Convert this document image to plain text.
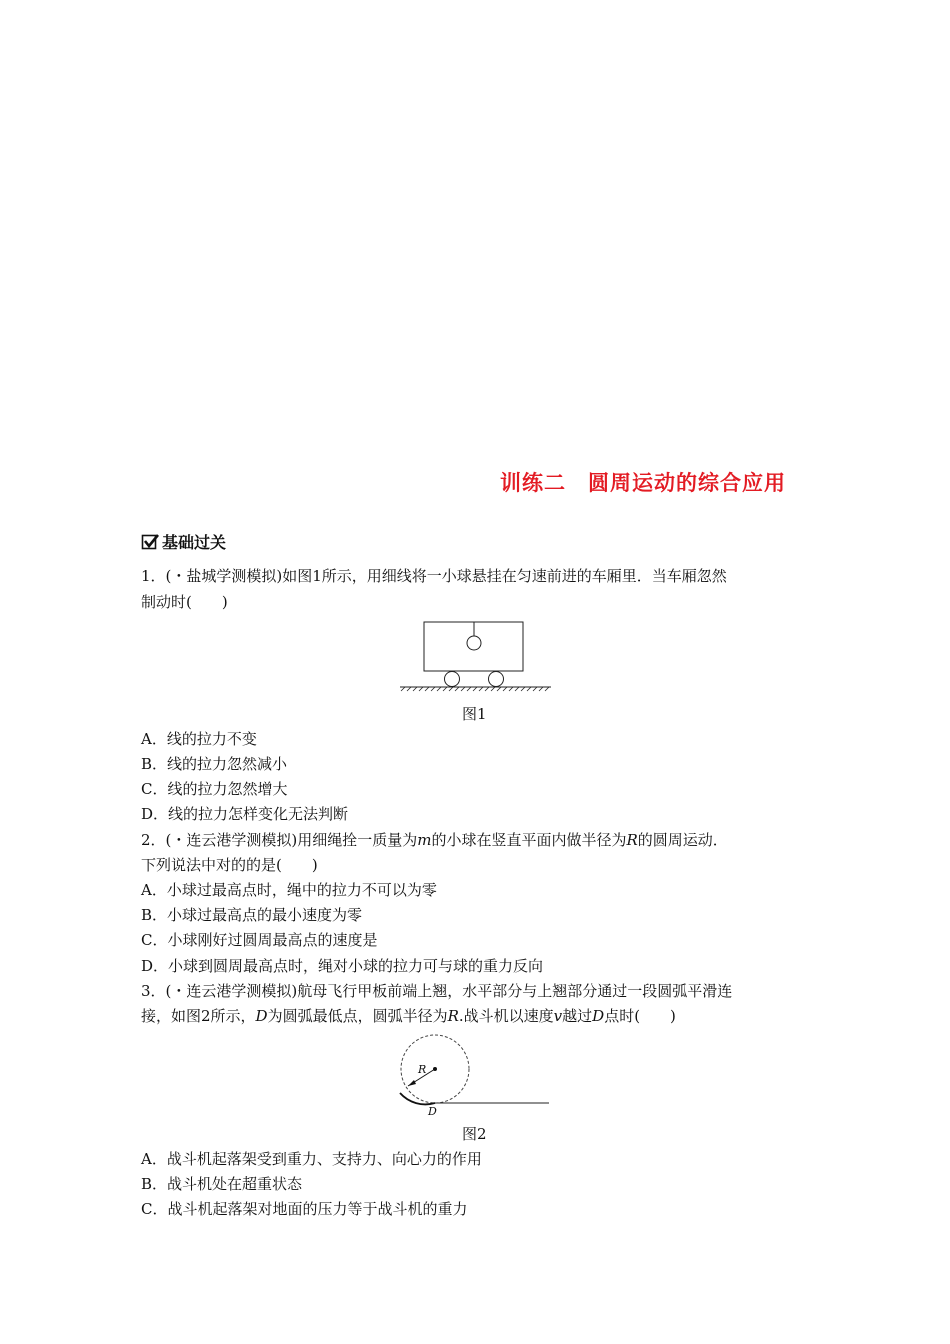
训练二　圆周运动的综合应用
基础过关
1．(・盐城学测模拟)如图1所示，用细线将一小球悬挂在匀速前进的车厢里．当车厢忽然
制动时(　　)
图1
A．线的拉力不变
B．线的拉力忽然减小
C．线的拉力忽然增大
D．线的拉力怎样变化无法判断
2．(・连云港学测模拟)用细绳拴一质量为m的小球在竖直平面内做半径为R的圆周运动．
下列说法中对的的是(　　)
A．小球过最高点时，绳中的拉力不可以为零
B．小球过最高点的最小速度为零
C．小球刚好过圆周最高点的速度是
D．小球到圆周最高点时，绳对小球的拉力可与球的重力反向
3．(・连云港学测模拟)航母飞行甲板前端上翘，水平部分与上翘部分通过一段圆弧平滑连
接，如图2所示，D为圆弧最低点，圆弧半径为R.战斗机以速度v越过D点时(　　)
R
D
图2
A．战斗机起落架受到重力、支持力、向心力的作用
B．战斗机处在超重状态
C．战斗机起落架对地面的压力等于战斗机的重力
